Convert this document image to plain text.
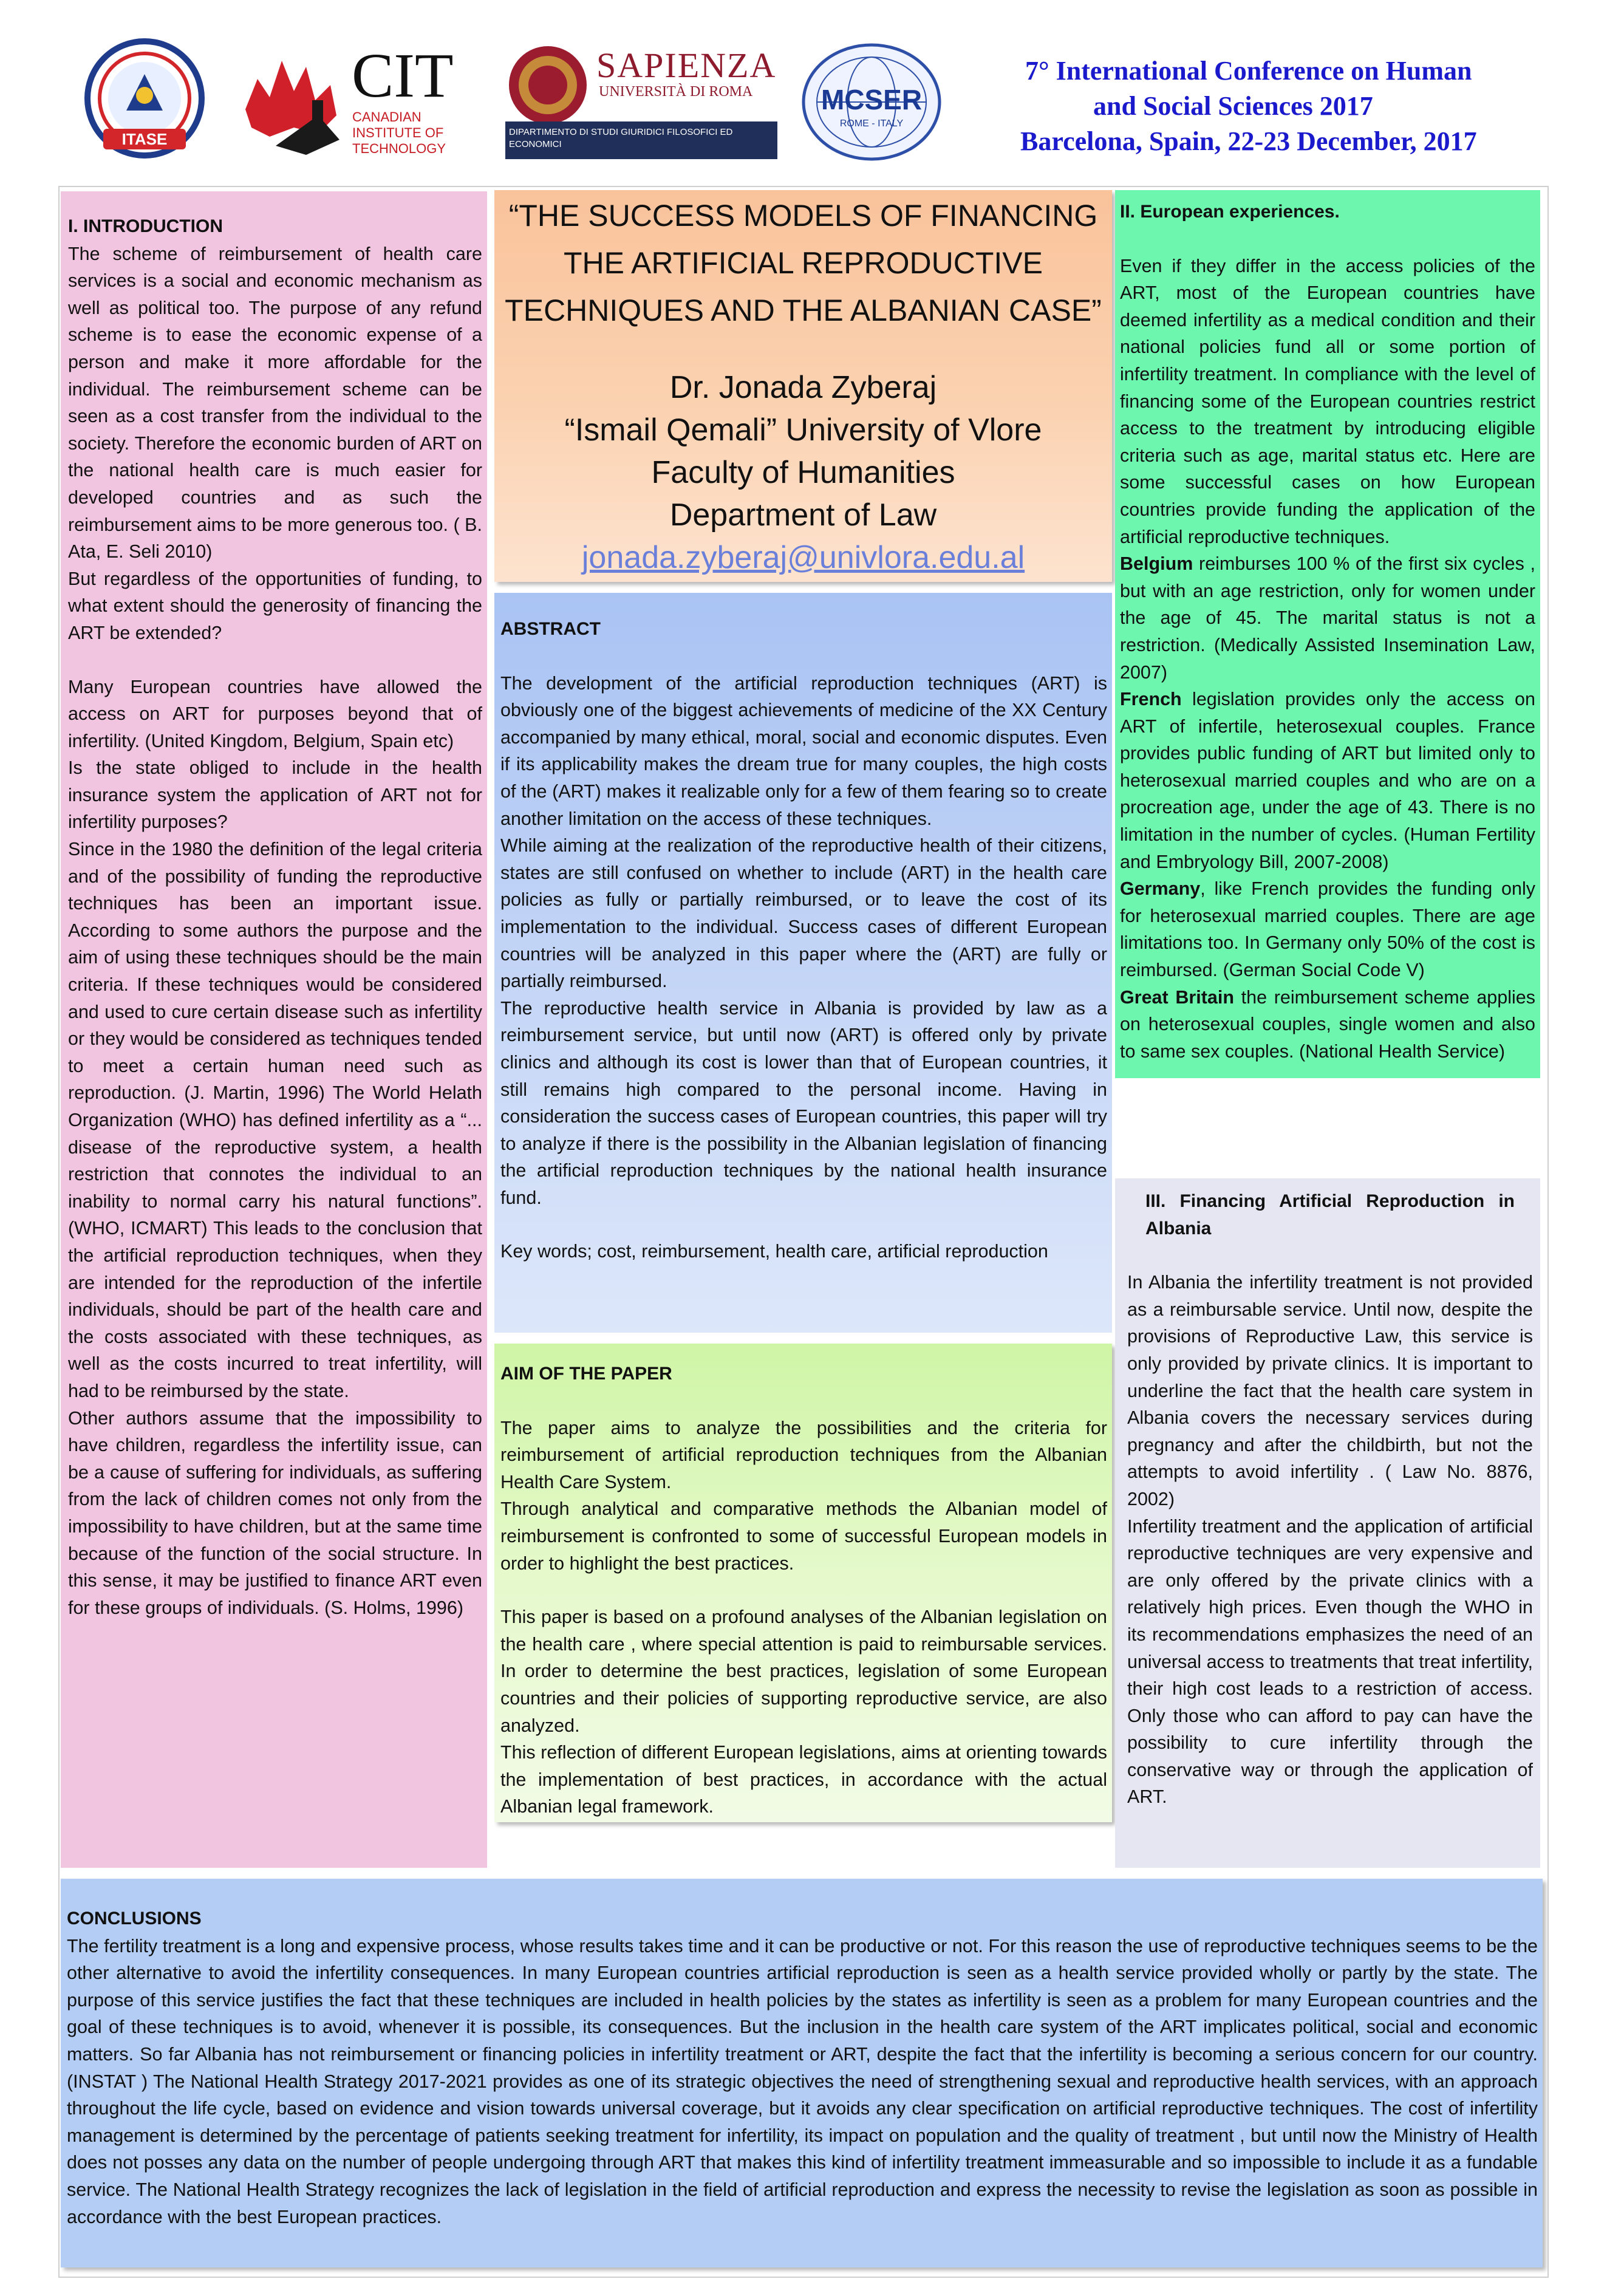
ITASE
CIT
CANADIAN INSTITUTE OF TECHNOLOGY
SAPIENZA
UNIVERSITÀ DI ROMA
DIPARTIMENTO DI STUDI GIURIDICI FILOSOFICI ED ECONOMICI
MCSER
ROME - ITALY
7° International Conference on Human
and Social Sciences 2017
Barcelona, Spain, 22-23 December, 2017

I. INTRODUCTION

The scheme of reimbursement of health care services is a social and economic mechanism as well as political too. The purpose of any refund scheme is to ease the economic expense of a person and make it more affordable for the individual. The reimbursement scheme can be seen as a cost transfer from the individual to the society. Therefore the economic burden of ART on the national health care is much easier for developed countries and as such the reimbursement aims to be more generous too. ( B. Ata, E. Seli 2010)

But regardless of the opportunities of funding, to what extent should the generosity of financing the ART be extended?

Many European countries have allowed the access on ART for purposes beyond that of infertility. (United Kingdom, Belgium, Spain etc)

Is the state obliged to include in the health insurance system the application of ART not for infertility purposes?

Since in the 1980 the definition of the legal criteria and of the possibility of funding the reproductive techniques has been an important issue. According to some authors the purpose and the aim of using these techniques should be the main criteria. If these techniques would be considered and used to cure certain disease such as infertility or they would be considered as techniques tended to meet a certain human need such as reproduction. (J. Martin, 1996) The World Helath Organization (WHO) has defined infertility as a “... disease of the reproductive system, a health restriction that connotes the individual to an inability to normal carry his natural functions”. (WHO, ICMART) This leads to the conclusion that the artificial reproduction techniques, when they are intended for the reproduction of the infertile individuals, should be part of the health care and the costs associated with these techniques, as well as the costs incurred to treat infertility, will had to be reimbursed by the state.

Other authors assume that the impossibility to have children, regardless the infertility issue, can be a cause of suffering for individuals, as suffering from the lack of children comes not only from the impossibility to have children, but at the same time because of the function of the social structure. In this sense, it may be justified to finance ART even for these groups of individuals. (S. Holms, 1996)

“THE SUCCESS MODELS OF FINANCING
THE ARTIFICIAL REPRODUCTIVE
TECHNIQUES AND THE ALBANIAN CASE”
Dr. Jonada Zyberaj
“Ismail Qemali” University of Vlore
Faculty of Humanities
Department of Law
jonada.zyberaj@univlora.edu.al

ABSTRACT

The development of the artificial reproduction techniques (ART) is obviously one of the biggest achievements of medicine of the XX Century accompanied by many ethical, moral, social and economic disputes. Even if its applicability makes the dream true for many couples, the high costs of the (ART) makes it realizable only for a few of them fearing so to create another limitation on the access of these techniques.

While aiming at the realization of the reproductive health of their citizens, states are still confused on whether to include (ART) in the health care policies as fully or partially reimbursed, or to leave the cost of its implementation to the individual. Success cases of different European countries will be analyzed in this paper where the (ART) are fully or partially reimbursed.

The reproductive health service in Albania is provided by law as a reimbursement service, but until now (ART) is offered only by private clinics and although its cost is lower than that of European countries, it still remains high compared to the personal income. Having in consideration the success cases of European countries, this paper will try to analyze if there is the possibility in the Albanian legislation of financing the artificial reproduction techniques by the national health insurance fund.

Key words; cost, reimbursement, health care, artificial reproduction

AIM OF THE PAPER

The paper aims to analyze the possibilities and the criteria for reimbursement of artificial reproduction techniques from the Albanian Health Care System.

Through analytical and comparative methods the Albanian model of reimbursement is confronted to some of successful European models in order to highlight the best practices.

This paper is based on a profound analyses of the Albanian legislation on the health care , where special attention is paid to reimbursable services. In order to determine the best practices, legislation of some European countries and their policies of supporting reproductive service, are also analyzed.

This reflection of different European legislations, aims at orienting towards the implementation of best practices, in accordance with the actual Albanian legal framework.

II. European experiences.

Even if they differ in the access policies of the ART, most of the European countries have deemed infertility as a medical condition and their national policies fund all or some portion of infertility treatment. In compliance with the level of financing some of the European countries restrict access to the treatment by introducing eligible criteria such as age, marital status etc. Here are some successful cases on how European countries provide funding the application of the artificial reproductive techniques.

Belgium reimburses 100 % of the first six cycles , but with an age restriction, only for women under the age of 45. The marital status is not a restriction. (Medically Assisted Insemination Law, 2007)

French legislation provides only the access on ART of infertile, heterosexual couples. France provides public funding of ART but limited only to heterosexual married couples and who are on a procreation age, under the age of 43. There is no limitation in the number of cycles. (Human Fertility and Embryology Bill, 2007-2008)

Germany, like French provides the funding only for heterosexual married couples. There are age limitations too. In Germany only 50% of the cost is reimbursed. (German Social Code V)

Great Britain the reimbursement scheme applies on heterosexual couples, single women and also to same sex couples. (National Health Service)

III. Financing Artificial Reproduction in Albania

In Albania the infertility treatment is not provided as a reimbursable service. Until now, despite the provisions of Reproductive Law, this service is only provided by private clinics. It is important to underline the fact that the health care system in Albania covers the necessary services during pregnancy and after the childbirth, but not the attempts to avoid infertility . ( Law No. 8876, 2002)

Infertility treatment and the application of artificial reproductive techniques are very expensive and are only offered by the private clinics with a relatively high prices. Even though the WHO in its recommendations emphasizes the need of an universal access to treatments that treat infertility, their high cost leads to a restriction of access. Only those who can afford to pay can have the possibility to cure infertility through the conservative way or through the application of ART.

CONCLUSIONS

The fertility treatment is a long and expensive process, whose results takes time and it can be productive or not. For this reason the use of reproductive techniques seems to be the other alternative to avoid the infertility consequences. In many European countries artificial reproduction is seen as a health service provided wholly or partly by the state. The purpose of this service justifies the fact that these techniques are included in health policies by the states as infertility is seen as a problem for many European countries and the goal of these techniques is to avoid, whenever it is possible, its consequences. But the inclusion in the health care system of the ART implicates political, social and economic matters. So far Albania has not reimbursement or financing policies in infertility treatment or ART, despite the fact that the infertility is becoming a serious concern for our country. (INSTAT ) The National Health Strategy 2017-2021 provides as one of its strategic objectives the need of strengthening sexual and reproductive health services, with an approach throughout the life cycle, based on evidence and vision towards universal coverage, but it avoids any clear specification on artificial reproductive techniques. The cost of infertility management is determined by the percentage of patients seeking treatment for infertility, its impact on population and the quality of treatment , but until now the Ministry of Health does not posses any data on the number of people undergoing through ART that makes this kind of infertility treatment immeasurable and so impossible to include it as a fundable service. The National Health Strategy recognizes the lack of legislation in the field of artificial reproduction and express the necessity to revise the legislation as soon as possible in accordance with the best European practices.
